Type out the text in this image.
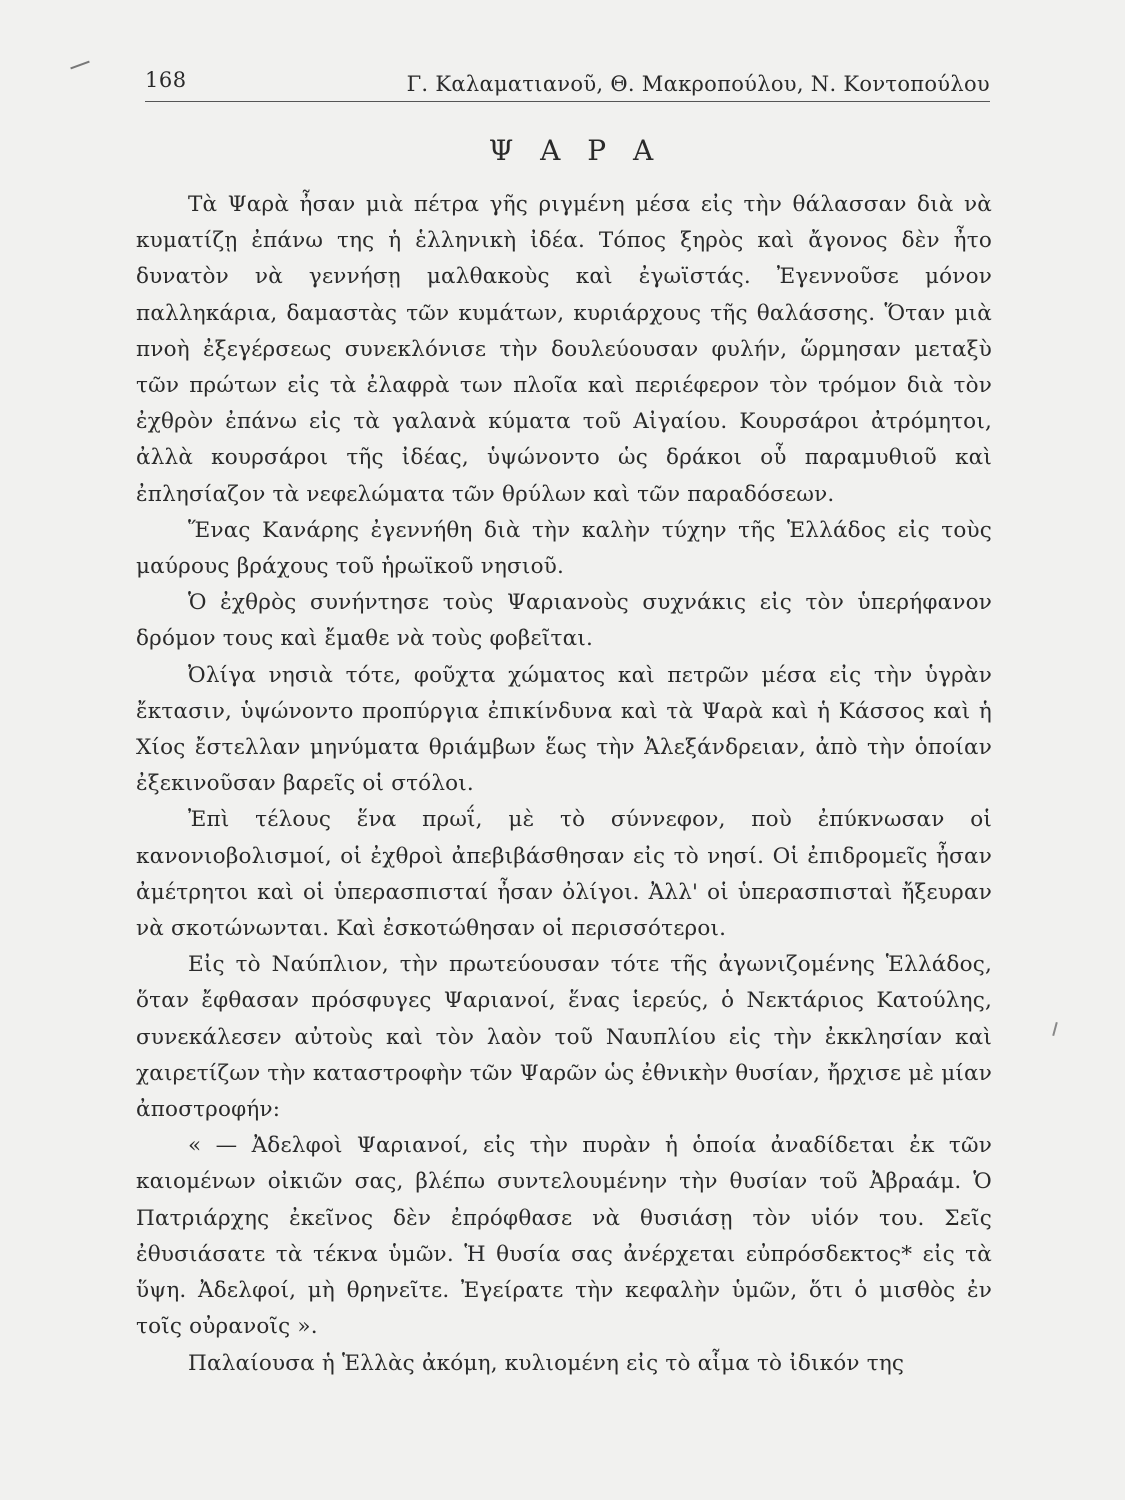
168	Γ. Καλαματιανοῦ, Θ. Μακροπούλου, Ν. Κοντοπούλου
Ψ Α Ρ Α

Τὰ Ψαρὰ ἦσαν μιὰ πέτρα γῆς ριγμένη μέσα εἰς τὴν θάλασσαν διὰ νὰ κυματίζῃ ἐπάνω της ἡ ἑλληνικὴ ἰδέα. Τόπος ξηρὸς καὶ ἄγονος δὲν ἦτο δυνατὸν νὰ γεννήσῃ μαλθακοὺς καὶ ἐγωϊστάς. Ἐγεννοῦσε μόνον παλληκάρια, δαμαστὰς τῶν κυμάτων, κυριάρχους τῆς θαλάσσης. Ὅταν μιὰ πνοὴ ἐξεγέρσεως συνεκλόνισε τὴν δουλεύουσαν φυλήν, ὥρμησαν μεταξὺ τῶν πρώτων εἰς τὰ ἐλαφρὰ των πλοῖα καὶ περιέφερον τὸν τρόμον διὰ τὸν ἐχθρὸν ἐπάνω εἰς τὰ γαλανὰ κύματα τοῦ Αἰγαίου. Κουρσάροι ἀτρόμητοι, ἀλλὰ κουρσάροι τῆς ἰδέας, ὑψώνοντο ὡς δράκοι οὗ παραμυθιοῦ καὶ ἐπλησίαζον τὰ νεφελώματα τῶν θρύλων καὶ τῶν παραδόσεων.

Ἕνας Κανάρης ἐγεννήθη διὰ τὴν καλὴν τύχην τῆς Ἑλλάδος εἰς τοὺς μαύρους βράχους τοῦ ἡρωϊκοῦ νησιοῦ.

Ὁ ἐχθρὸς συνήντησε τοὺς Ψαριανοὺς συχνάκις εἰς τὸν ὑπερήφανον δρόμον τους καὶ ἔμαθε νὰ τοὺς φοβεῖται.

Ὀλίγα νησιὰ τότε, φοῦχτα χώματος καὶ πετρῶν μέσα εἰς τὴν ὑγρὰν ἔκτασιν, ὑψώνοντο προπύργια ἐπικίνδυνα καὶ τὰ Ψαρὰ καὶ ἡ Κάσσος καὶ ἡ Χίος ἔστελλαν μηνύματα θριάμβων ἕως τὴν Ἀλεξάνδρειαν, ἀπὸ τὴν ὁποίαν ἐξεκινοῦσαν βαρεῖς οἱ στόλοι.

Ἐπὶ τέλους ἕνα πρωΐ, μὲ τὸ σύννεφον, ποὺ ἐπύκνωσαν οἱ κανονιοβολισμοί, οἱ ἐχθροὶ ἀπεβιβάσθησαν εἰς τὸ νησί. Οἱ ἐπιδρομεῖς ἦσαν ἀμέτρητοι καὶ οἱ ὑπερασπισταί ἦσαν ὀλίγοι. Ἀλλ' οἱ ὑπερασπισταὶ ἤξευραν νὰ σκοτώνωνται. Καὶ ἐσκοτώθησαν οἱ περισσότεροι.

Εἰς τὸ Ναύπλιον, τὴν πρωτεύουσαν τότε τῆς ἀγωνιζομένης Ἑλλάδος, ὅταν ἔφθασαν πρόσφυγες Ψαριανοί, ἕνας ἱερεύς, ὁ Νεκτάριος Κατούλης, συνεκάλεσεν αὐτοὺς καὶ τὸν λαὸν τοῦ Ναυπλίου εἰς τὴν ἐκκλησίαν καὶ χαιρετίζων τὴν καταστροφὴν τῶν Ψαρῶν ὡς ἐθνικὴν θυσίαν, ἤρχισε μὲ μίαν ἀποστροφήν:

« — Ἀδελφοὶ Ψαριανοί, εἰς τὴν πυρὰν ἡ ὁποία ἀναδίδεται ἐκ τῶν καιομένων οἰκιῶν σας, βλέπω συντελουμένην τὴν θυσίαν τοῦ Ἀβραάμ. Ὁ Πατριάρχης ἐκεῖνος δὲν ἐπρόφθασε νὰ θυσιάσῃ τὸν υἱόν του. Σεῖς ἐθυσιάσατε τὰ τέκνα ὑμῶν. Ἡ θυσία σας ἀνέρχεται εὐπρόσδεκτος* εἰς τὰ ὕψη. Ἀδελφοί, μὴ θρηνεῖτε. Ἐγείρατε τὴν κεφαλὴν ὑμῶν, ὅτι ὁ μισθὸς ἐν τοῖς οὐρανοῖς ».

Παλαίουσα ἡ Ἑλλὰς ἀκόμη, κυλιομένη εἰς τὸ αἷμα τὸ ἰδικόν της
